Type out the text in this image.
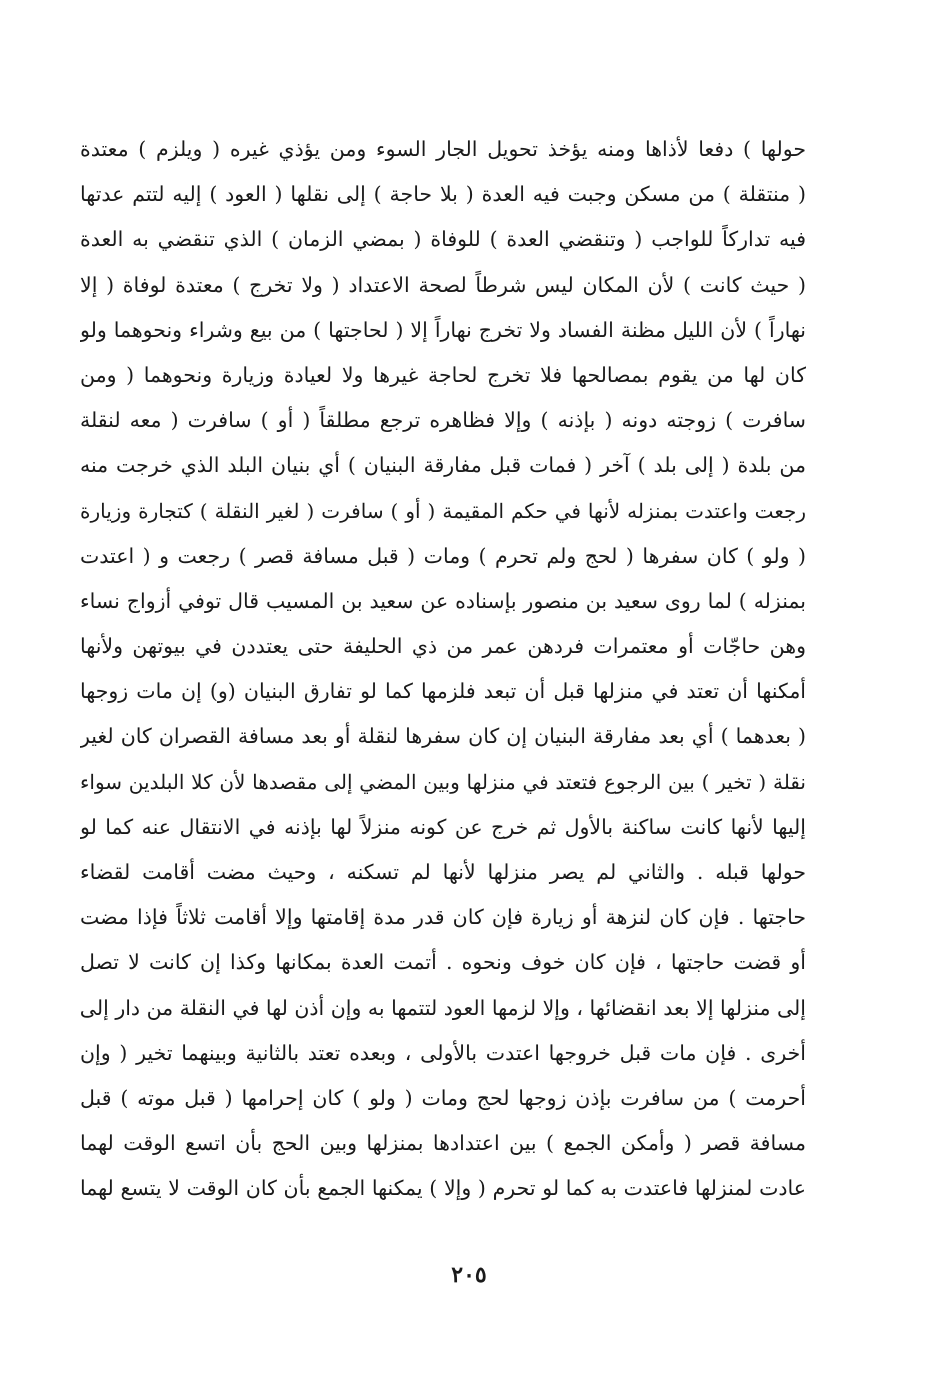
حولها ) دفعا لأذاها ومنه يؤخذ تحويل الجار السوء ومن يؤذي غيره ( ويلزم ) معتدة
( منتقلة ) من مسكن وجبت فيه العدة ( بلا حاجة ) إلى نقلها ( العود ) إليه لتتم عدتها
فيه تداركاً للواجب ( وتنقضي العدة ) للوفاة ( بمضي الزمان ) الذي تنقضي به العدة
( حيث كانت ) لأن المكان ليس شرطاً لصحة الاعتداد ( ولا تخرج ) معتدة لوفاة ( إلا
نهاراً ) لأن الليل مظنة الفساد ولا تخرج نهاراً إلا ( لحاجتها ) من بيع وشراء ونحوهما ولو
كان لها من يقوم بمصالحها فلا تخرج لحاجة غيرها ولا لعيادة وزيارة ونحوهما ( ومن
سافرت ) زوجته دونه ( بإذنه ) وإلا فظاهره ترجع مطلقاً ( أو ) سافرت ( معه لنقلة
من بلدة ( إلى بلد ) آخر ( فمات قبل مفارقة البنيان ) أي بنيان البلد الذي خرجت منه
رجعت واعتدت بمنزله لأنها في حكم المقيمة ( أو ) سافرت ( لغير النقلة ) كتجارة وزيارة
( ولو ) كان سفرها ( لحج ولم تحرم ) ومات ( قبل مسافة قصر ) رجعت و ( اعتدت
بمنزله ) لما روى سعيد بن منصور بإسناده عن سعيد بن المسيب قال توفي أزواج نساء
وهن حاجّات أو معتمرات فردهن عمر من ذي الحليفة حتى يعتددن في بيوتهن ولأنها
أمكنها أن تعتد في منزلها قبل أن تبعد فلزمها كما لو تفارق البنيان (و) إن مات زوجها
( بعدهما ) أي بعد مفارقة البنيان إن كان سفرها لنقلة أو بعد مسافة القصران كان لغير
نقلة ( تخير ) بين الرجوع فتعتد في منزلها وبين المضي إلى مقصدها لأن كلا البلدين سواء
إليها لأنها كانت ساكنة بالأول ثم خرج عن كونه منزلاً لها بإذنه في الانتقال عنه كما لو
حولها قبله . والثاني لم يصر منزلها لأنها لم تسكنه ، وحيث مضت أقامت لقضاء
حاجتها . فإن كان لنزهة أو زيارة فإن كان قدر مدة إقامتها وإلا أقامت ثلاثاً فإذا مضت
أو قضت حاجتها ، فإن كان خوف ونحوه . أتمت العدة بمكانها وكذا إن كانت لا تصل
إلى منزلها إلا بعد انقضائها ، وإلا لزمها العود لتتمها به وإن أذن لها في النقلة من دار إلى
أخرى . فإن مات قبل خروجها اعتدت بالأولى ، وبعده تعتد بالثانية وبينهما تخير ( وإن
أحرمت ) من سافرت بإذن زوجها لحج ومات ( ولو ) كان إحرامها ( قبل موته ) قبل
مسافة قصر ( وأمكن الجمع ) بين اعتدادها بمنزلها وبين الحج بأن اتسع الوقت لهما
عادت لمنزلها فاعتدت به كما لو تحرم ( وإلا ) يمكنها الجمع بأن كان الوقت لا يتسع لهما
٢٠٥
